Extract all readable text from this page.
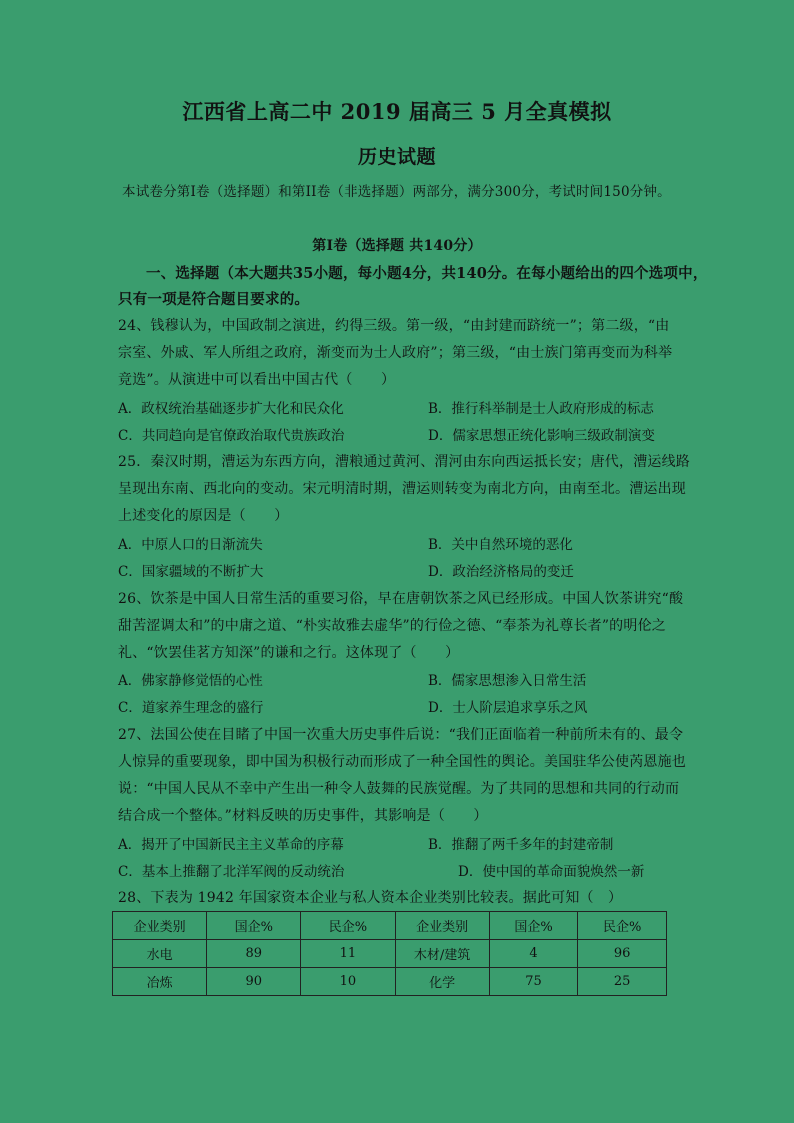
江西省上高二中 2019 届高三 5 月全真模拟
历史试题
本试卷分第Ⅰ卷（选择题）和第II卷（非选择题）两部分，满分300分，考试时间150分钟。
第Ⅰ卷（选择题 共140分）
一、选择题（本大题共35小题，每小题4分，共140分。在每小题给出的四个选项中，
只有一项是符合题目要求的。
24、钱穆认为，中国政制之演进，约得三级。第一级，“由封建而跻统一”；第二级，“由
宗室、外戚、军人所组之政府，渐变而为士人政府”；第三级，“由士族门第再变而为科举
竞选”。从演进中可以看出中国古代（　　）
A．政权统治基础逐步扩大化和民众化	B．推行科举制是士人政府形成的标志
C．共同趋向是官僚政治取代贵族政治	D．儒家思想正统化影响三级政制演变
25．秦汉时期，漕运为东西方向，漕粮通过黄河、渭河由东向西运抵长安；唐代，漕运线路
呈现出东南、西北向的变动。宋元明清时期，漕运则转变为南北方向，由南至北。漕运出现
上述变化的原因是（　　）
A．中原人口的日渐流失	B．关中自然环境的恶化
C．国家疆域的不断扩大	D．政治经济格局的变迁
26、饮茶是中国人日常生活的重要习俗，早在唐朝饮茶之风已经形成。中国人饮茶讲究“酸
甜苦涩调太和”的中庸之道、“朴实故雅去虚华”的行俭之德、“奉茶为礼尊长者”的明伦之
礼、“饮罢佳茗方知深”的谦和之行。这体现了（　　）
A．佛家静修觉悟的心性	B．儒家思想渗入日常生活
C．道家养生理念的盛行	D．士人阶层追求享乐之风
27、法国公使在目睹了中国一次重大历史事件后说：“我们正面临着一种前所未有的、最令
人惊异的重要现象，即中国为积极行动而形成了一种全国性的舆论。美国驻华公使芮恩施也
说：“中国人民从不幸中产生出一种令人鼓舞的民族觉醒。为了共同的思想和共同的行动而
结合成一个整体。”材料反映的历史事件，其影响是（　　）
A．揭开了中国新民主主义革命的序幕	B．推翻了两千多年的封建帝制
C．基本上推翻了北洋军阀的反动统治	D．使中国的革命面貌焕然一新
28、下表为 1942 年国家资本企业与私人资本企业类别比较表。据此可知（　）
企业类别	国企%	民企%	企业类别	国企%	民企%
水电	89	11	木材/建筑	4	96
冶炼	90	10	化学	75	25
